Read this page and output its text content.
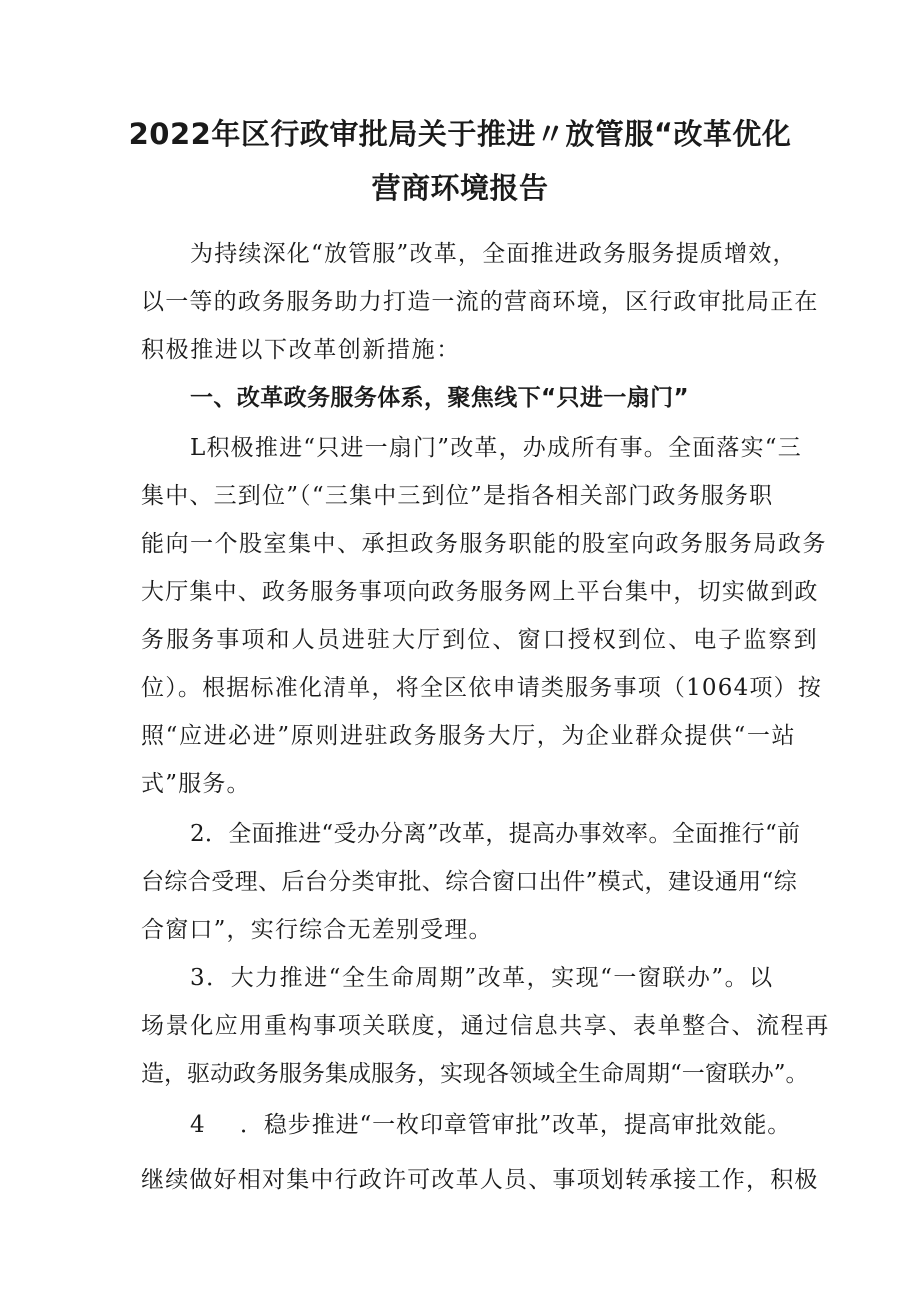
2022年区行政审批局关于推进〃放管服“改革优化
营商环境报告
为持续深化“放管服”改革，全面推进政务服务提质增效，
以一等的政务服务助力打造一流的营商环境，区行政审批局正在
积极推进以下改革创新措施：
一、改革政务服务体系，聚焦线下“只进一扇门”
L积极推进“只进一扇门”改革，办成所有事。全面落实“三
集中、三到位”（“三集中三到位”是指各相关部门政务服务职
能向一个股室集中、承担政务服务职能的股室向政务服务局政务
大厅集中、政务服务事项向政务服务网上平台集中，切实做到政
务服务事项和人员进驻大厅到位、窗口授权到位、电子监察到
位）。根据标准化清单，将全区依申请类服务事项（1064项）按
照“应进必进”原则进驻政务服务大厅，为企业群众提供“一站
式”服务。
2．全面推进“受办分离”改革，提高办事效率。全面推行“前
台综合受理、后台分类审批、综合窗口出件”模式，建设通用“综
合窗口”，实行综合无差别受理。
3．大力推进“全生命周期”改革，实现“一窗联办”。以
场景化应用重构事项关联度，通过信息共享、表单整合、流程再
造，驱动政务服务集成服务，实现各领域全生命周期“一窗联办”。
4 ．稳步推进“一枚印章管审批”改革，提高审批效能。
继续做好相对集中行政许可改革人员、事项划转承接工作，积极
